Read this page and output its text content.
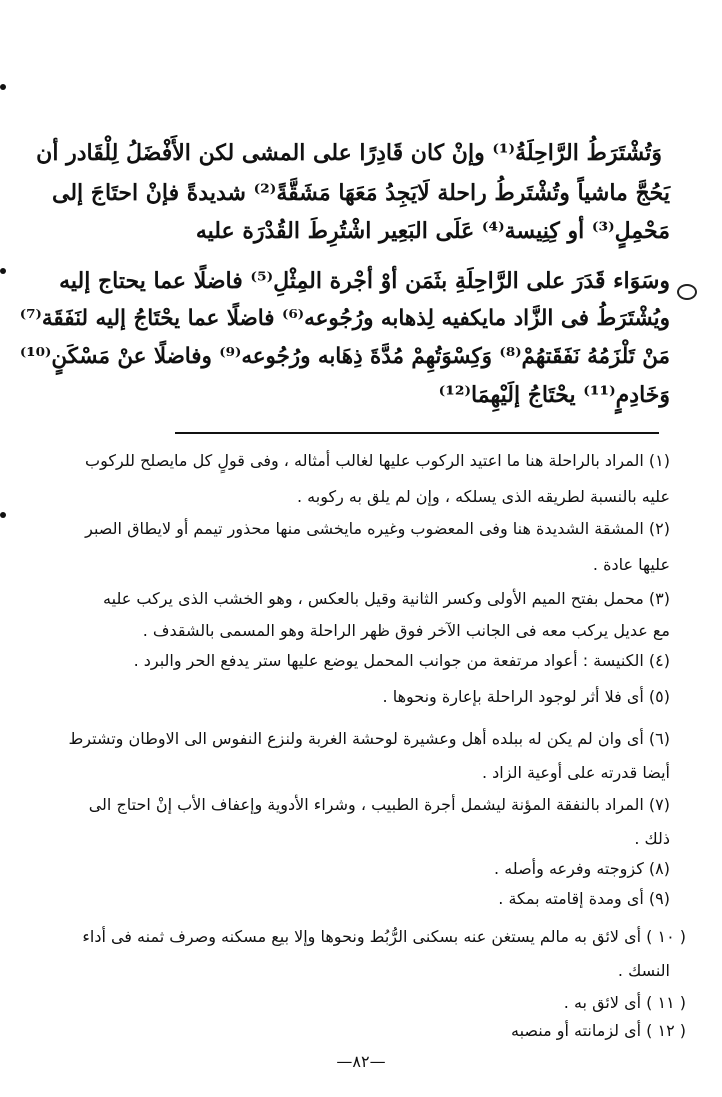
وَتُشْتَرَطُ الرَّاحِلَةُ⁽¹⁾ وإنْ كان قَادِرًا على المشى لكن الأَفْضَلُ لِلْقَادر أن
يَحُجَّ ماشياً وتُشْتَرطُ راحلة لَايَجِدُ مَعَهَا مَشَقَّةً⁽²⁾ شديدةً فإنْ احتَاجَ إلى
مَحْمِلٍ⁽³⁾ أو كِنِيسة⁽⁴⁾ عَلَى البَعِير اشْتُرِطَ القُدْرَة عليه
وسَوَاء قَدَرَ على الرَّاحِلَةِ بثَمَن أوْ أجْرة المِثْلِ⁽⁵⁾ فاضلًا عما يحتاج إليه
ويُشْتَرَطُ فى الزَّاد مايكفيه لِذهابه ورُجُوعه⁽⁶⁾ فاضلًا عما يحْتَاجُ إليه لنَفَقَة⁽⁷⁾
مَنْ تَلْزَمُهُ نَفَقَتهُمْ⁽⁸⁾ وَكِسْوَتُهِمْ مُدَّةَ ذِهَابه ورُجُوعه⁽⁹⁾ وفاضلًا عنْ مَسْكَنٍ⁽¹⁰⁾
وَخَادِمٍ⁽¹¹⁾ يحْتَاجُ إلَيْهِمَا⁽¹²⁾
(١) المراد بالراحلة هنا ما اعتيد الركوب عليها لغالب أمثاله ، وفى قولٍ كل مايصلح للركوب
عليه بالنسبة لطريقه الذى يسلكه ، وإن لم يلق به ركوبه .
(٢) المشقة الشديدة هنا وفى المعضوب وغيره مايخشى منها محذور تيمم أو لايطاق الصبر
عليها عادة .
(٣) محمل بفتح الميم الأولى وكسر الثانية وقيل بالعكس ، وهو الخشب الذى يركب عليه
مع عديل يركب معه فى الجانب الآخر فوق ظهر الراحلة وهو المسمى بالشقدف .
(٤) الكنيسة : أعواد مرتفعة من جوانب المحمل يوضع عليها ستر يدفع الحر والبرد .
(٥) أى فلا أثر لوجود الراحلة بإعارة ونحوها .
(٦) أى وان لم يكن له ببلده أهل وعشيرة لوحشة الغربة ولنزع النفوس الى الاوطان وتشترط
أيضا قدرته على أوعية الزاد .
(٧) المراد بالنفقة المؤنة ليشمل أجرة الطبيب ، وشراء الأدوية وإعفاف الأب إنْ احتاج الى
ذلك .
(٨) كزوجته وفرعه وأصله .
(٩) أى ومدة إقامته بمكة .
( ١٠ ) أى لائق به مالم يستغن عنه بسكنى الرُّبُط ونحوها وإلا بيع مسكنه وصرف ثمنه فى أداء
النسك .
( ١١ ) أى لائق به .
( ١٢ ) أى لزمانته أو منصبه
—٨٢—
